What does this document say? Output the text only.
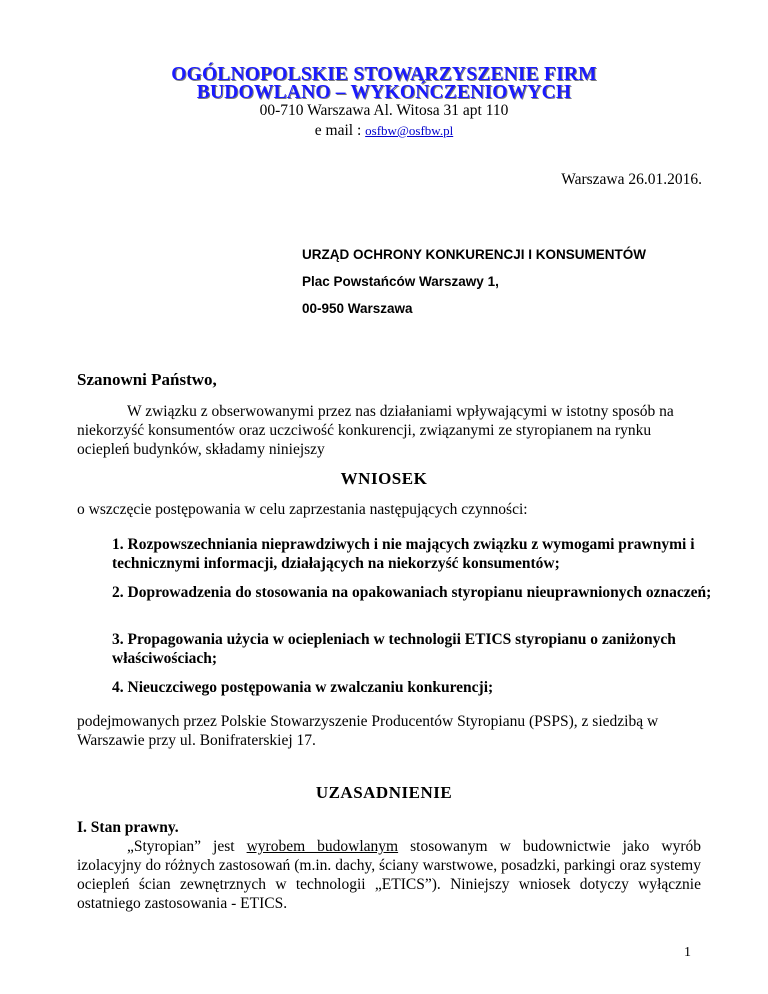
OGÓLNOPOLSKIE STOWARZYSZENIE FIRM
BUDOWLANO – WYKOŃCZENIOWYCH
00-710 Warszawa Al. Witosa 31 apt 110
e mail : osfbw@osfbw.pl
Warszawa 26.01.2016.
URZĄD OCHRONY KONKURENCJI I KONSUMENTÓW
Plac Powstańców Warszawy 1,
00-950 Warszawa
Szanowni Państwo,
W związku z obserwowanymi przez nas działaniami wpływającymi w istotny sposób na niekorzyść konsumentów oraz uczciwość konkurencji, związanymi ze styropianem na rynku ociepleń budynków, składamy niniejszy
WNIOSEK
o wszczęcie postępowania w celu zaprzestania następujących czynności:
1. Rozpowszechniania nieprawdziwych i nie mających związku z wymogami prawnymi i technicznymi informacji, działających na niekorzyść konsumentów;
2. Doprowadzenia do stosowania na opakowaniach styropianu nieuprawnionych oznaczeń;
3. Propagowania użycia w ociepleniach w technologii ETICS styropianu o zaniżonych właściwościach;
4. Nieuczciwego postępowania w zwalczaniu konkurencji;
podejmowanych przez Polskie Stowarzyszenie Producentów Styropianu (PSPS), z siedzibą w Warszawie przy ul. Bonifraterskiej 17.
UZASADNIENIE
I. Stan prawny.
„Styropian” jest wyrobem budowlanym stosowanym w budownictwie jako wyrób izolacyjny do różnych zastosowań (m.in. dachy, ściany warstwowe, posadzki, parkingi oraz systemy ociepleń ścian zewnętrznych w technologii „ETICS”). Niniejszy wniosek dotyczy wyłącznie ostatniego zastosowania - ETICS.
1
